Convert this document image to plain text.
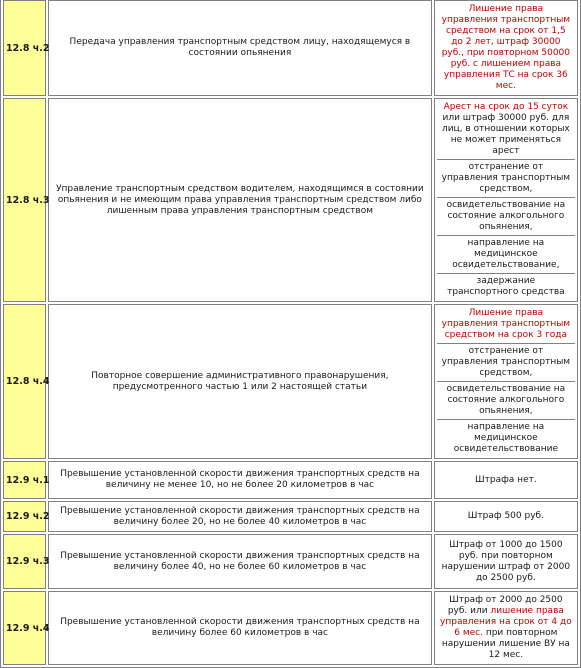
12.8 ч.2	Передача управления транспортным средством лицу, находящемуся в состоянии опьянения	Лишение права управления транспортным средством на срок от 1,5 до 2 лет, штраф 30000 руб., при повторном 50000 руб. с лишением права управления ТС на срок 36 мес.

12.8 ч.3	Управление транспортным средством водителем, находящимся в состоянии опьянения и не имеющим права управления транспортным средством либо лишенным права управления транспортным средством	Арест на срок до 15 суток или штраф 30000 руб. для лиц, в отношении которых не может применяться арест
отстранение от управления транспортным средством,
освидетельствование на состояние алкогольного опьянения,
направление на медицинское освидетельствование,
задержание транспортного средства

12.8 ч.4	Повторное совершение административного правонарушения, предусмотренного частью 1 или 2 настоящей статьи	Лишение права управления транспортным средством на срок 3 года
отстранение от управления транспортным средством,
освидетельствование на состояние алкогольного опьянения,
направление на медицинское освидетельствование

12.9 ч.1	Превышение установленной скорости движения транспортных средств на величину не менее 10, но не более 20 километров в час	Штрафа нет.

12.9 ч.2	Превышение установленной скорости движения транспортных средств на величину более 20, но не более 40 километров в час	Штраф 500 руб.

12.9 ч.3	Превышение установленной скорости движения транспортных средств на величину более 40, но не более 60 километров в час	Штраф от 1000 до 1500 руб. при повторном нарушении штраф от 2000 до 2500 руб.

12.9 ч.4	Превышение установленной скорости движения транспортных средств на величину более 60 километров в час	Штраф от 2000 до 2500 руб. или лишение права управления на срок от 4 до 6 мес. при повторном нарушении лишение ВУ на 12 мес.
